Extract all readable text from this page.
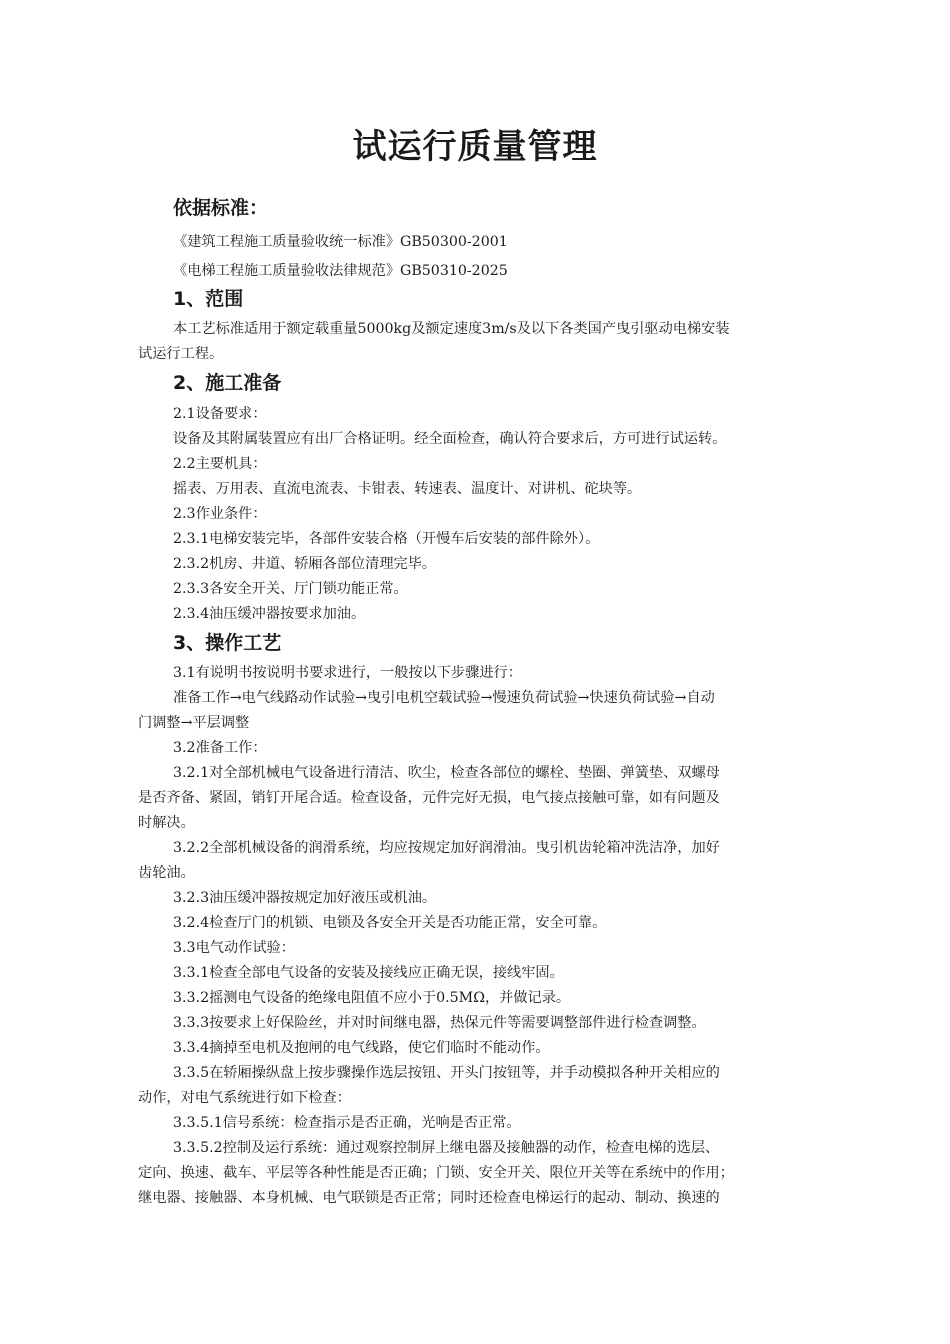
试运行质量管理
依据标准：
《建筑工程施工质量验收统一标准》GB50300-2001
《电梯工程施工质量验收法律规范》GB50310-2025
1、范围
本工艺标准适用于额定载重量5000kg及额定速度3m/s及以下各类国产曳引驱动电梯安装
试运行工程。
2、施工准备
2.1设备要求：
设备及其附属装置应有出厂合格证明。经全面检查，确认符合要求后，方可进行试运转。
2.2主要机具：
摇表、万用表、直流电流表、卡钳表、转速表、温度计、对讲机、砣块等。
2.3作业条件：
2.3.1电梯安装完毕，各部件安装合格（开慢车后安装的部件除外）。
2.3.2机房、井道、轿厢各部位清理完毕。
2.3.3各安全开关、厅门锁功能正常。
2.3.4油压缓冲器按要求加油。
3、操作工艺
3.1有说明书按说明书要求进行，一般按以下步骤进行：
准备工作→电气线路动作试验→曳引电机空载试验→慢速负荷试验→快速负荷试验→自动
门调整→平层调整
3.2准备工作：
3.2.1对全部机械电气设备进行清洁、吹尘，检查各部位的螺栓、垫圈、弹簧垫、双螺母
是否齐备、紧固，销钉开尾合适。检查设备，元件完好无损，电气接点接触可靠，如有问题及
时解决。
3.2.2全部机械设备的润滑系统，均应按规定加好润滑油。曳引机齿轮箱冲洗洁净，加好
齿轮油。
3.2.3油压缓冲器按规定加好液压或机油。
3.2.4检查厅门的机锁、电锁及各安全开关是否功能正常，安全可靠。
3.3电气动作试验：
3.3.1检查全部电气设备的安装及接线应正确无误，接线牢固。
3.3.2摇测电气设备的绝缘电阻值不应小于0.5MΩ，并做记录。
3.3.3按要求上好保险丝，并对时间继电器，热保元件等需要调整部件进行检查调整。
3.3.4摘掉至电机及抱闸的电气线路，使它们临时不能动作。
3.3.5在轿厢操纵盘上按步骤操作选层按钮、开头门按钮等，并手动模拟各种开关相应的
动作，对电气系统进行如下检查：
3.3.5.1信号系统：检查指示是否正确，光响是否正常。
3.3.5.2控制及运行系统：通过观察控制屏上继电器及接触器的动作，检查电梯的选层、
定向、换速、截车、平层等各种性能是否正确；门锁、安全开关、限位开关等在系统中的作用；
继电器、接触器、本身机械、电气联锁是否正常；同时还检查电梯运行的起动、制动、换速的
